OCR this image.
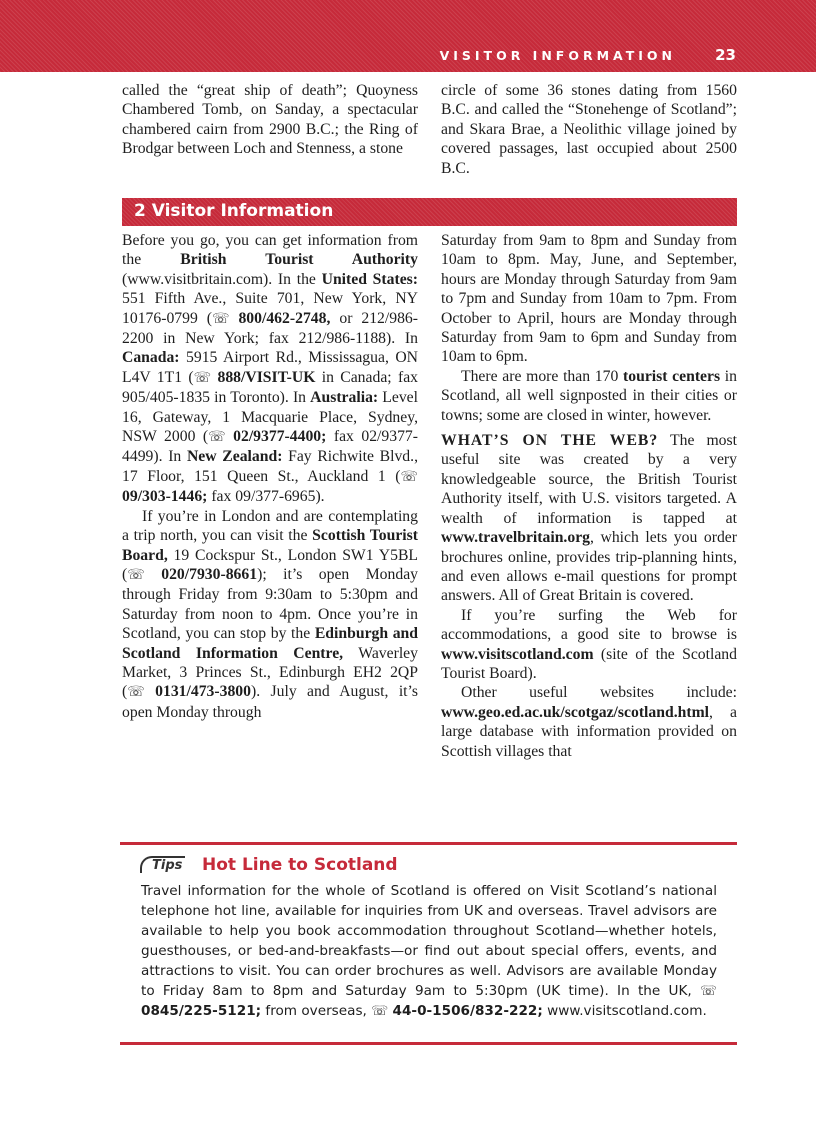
VISITOR INFORMATION	23

called the “great ship of death”; Quoyness Chambered Tomb, on Sanday, a spectacular chambered cairn from 2900 B.C.; the Ring of Brodgar between Loch and Stenness, a stone

circle of some 36 stones dating from 1560 B.C. and called the “Stonehenge of Scotland”; and Skara Brae, a Neolithic village joined by covered passages, last occupied about 2500 B.C.

2 Visitor Information

Before you go, you can get information from the British Tourist Authority (www.visitbritain.com). In the United States: 551 Fifth Ave., Suite 701, New York, NY 10176-0799 (☏ 800/462-2748, or 212/986-2200 in New York; fax 212/986-1188). In Canada: 5915 Airport Rd., Mississagua, ON L4V 1T1 (☏ 888/VISIT-UK in Canada; fax 905/405-1835 in Toronto). In Australia: Level 16, Gateway, 1 Macquarie Place, Sydney, NSW 2000 (☏ 02/9377-4400; fax 02/9377-4499). In New Zealand: Fay Richwite Blvd., 17 Floor, 151 Queen St., Auckland 1 (☏ 09/303-1446; fax 09/377-6965).

If you’re in London and are contemplating a trip north, you can visit the Scottish Tourist Board, 19 Cockspur St., London SW1 Y5BL (☏ 020/7930-8661); it’s open Monday through Friday from 9:30am to 5:30pm and Saturday from noon to 4pm. Once you’re in Scotland, you can stop by the Edinburgh and Scotland Information Centre, Waverley Market, 3 Princes St., Edinburgh EH2 2QP (☏ 0131/473-3800). July and August, it’s open Monday through

Saturday from 9am to 8pm and Sunday from 10am to 8pm. May, June, and September, hours are Monday through Saturday from 9am to 7pm and Sunday from 10am to 7pm. From October to April, hours are Monday through Saturday from 9am to 6pm and Sunday from 10am to 6pm.

There are more than 170 tourist centers in Scotland, all well signposted in their cities or towns; some are closed in winter, however.

WHAT’S ON THE WEB? The most useful site was created by a very knowledgeable source, the British Tourist Authority itself, with U.S. visitors targeted. A wealth of information is tapped at www.travelbritain.org, which lets you order brochures online, provides trip-planning hints, and even allows e-mail questions for prompt answers. All of Great Britain is covered.

If you’re surfing the Web for accommodations, a good site to browse is www.visitscotland.com (site of the Scotland Tourist Board).

Other useful websites include: www.geo.ed.ac.uk/scotgaz/scotland.html, a large database with information provided on Scottish villages that

Tips Hot Line to Scotland
Travel information for the whole of Scotland is offered on Visit Scotland’s national telephone hot line, available for inquiries from UK and overseas. Travel advisors are available to help you book accommodation throughout Scotland—whether hotels, guesthouses, or bed-and-breakfasts—or find out about special offers, events, and attractions to visit. You can order brochures as well. Advisors are available Monday to Friday 8am to 8pm and Saturday 9am to 5:30pm (UK time). In the UK, ☏ 0845/225-5121; from overseas, ☏ 44-0-1506/832-222; www.visitscotland.com.
